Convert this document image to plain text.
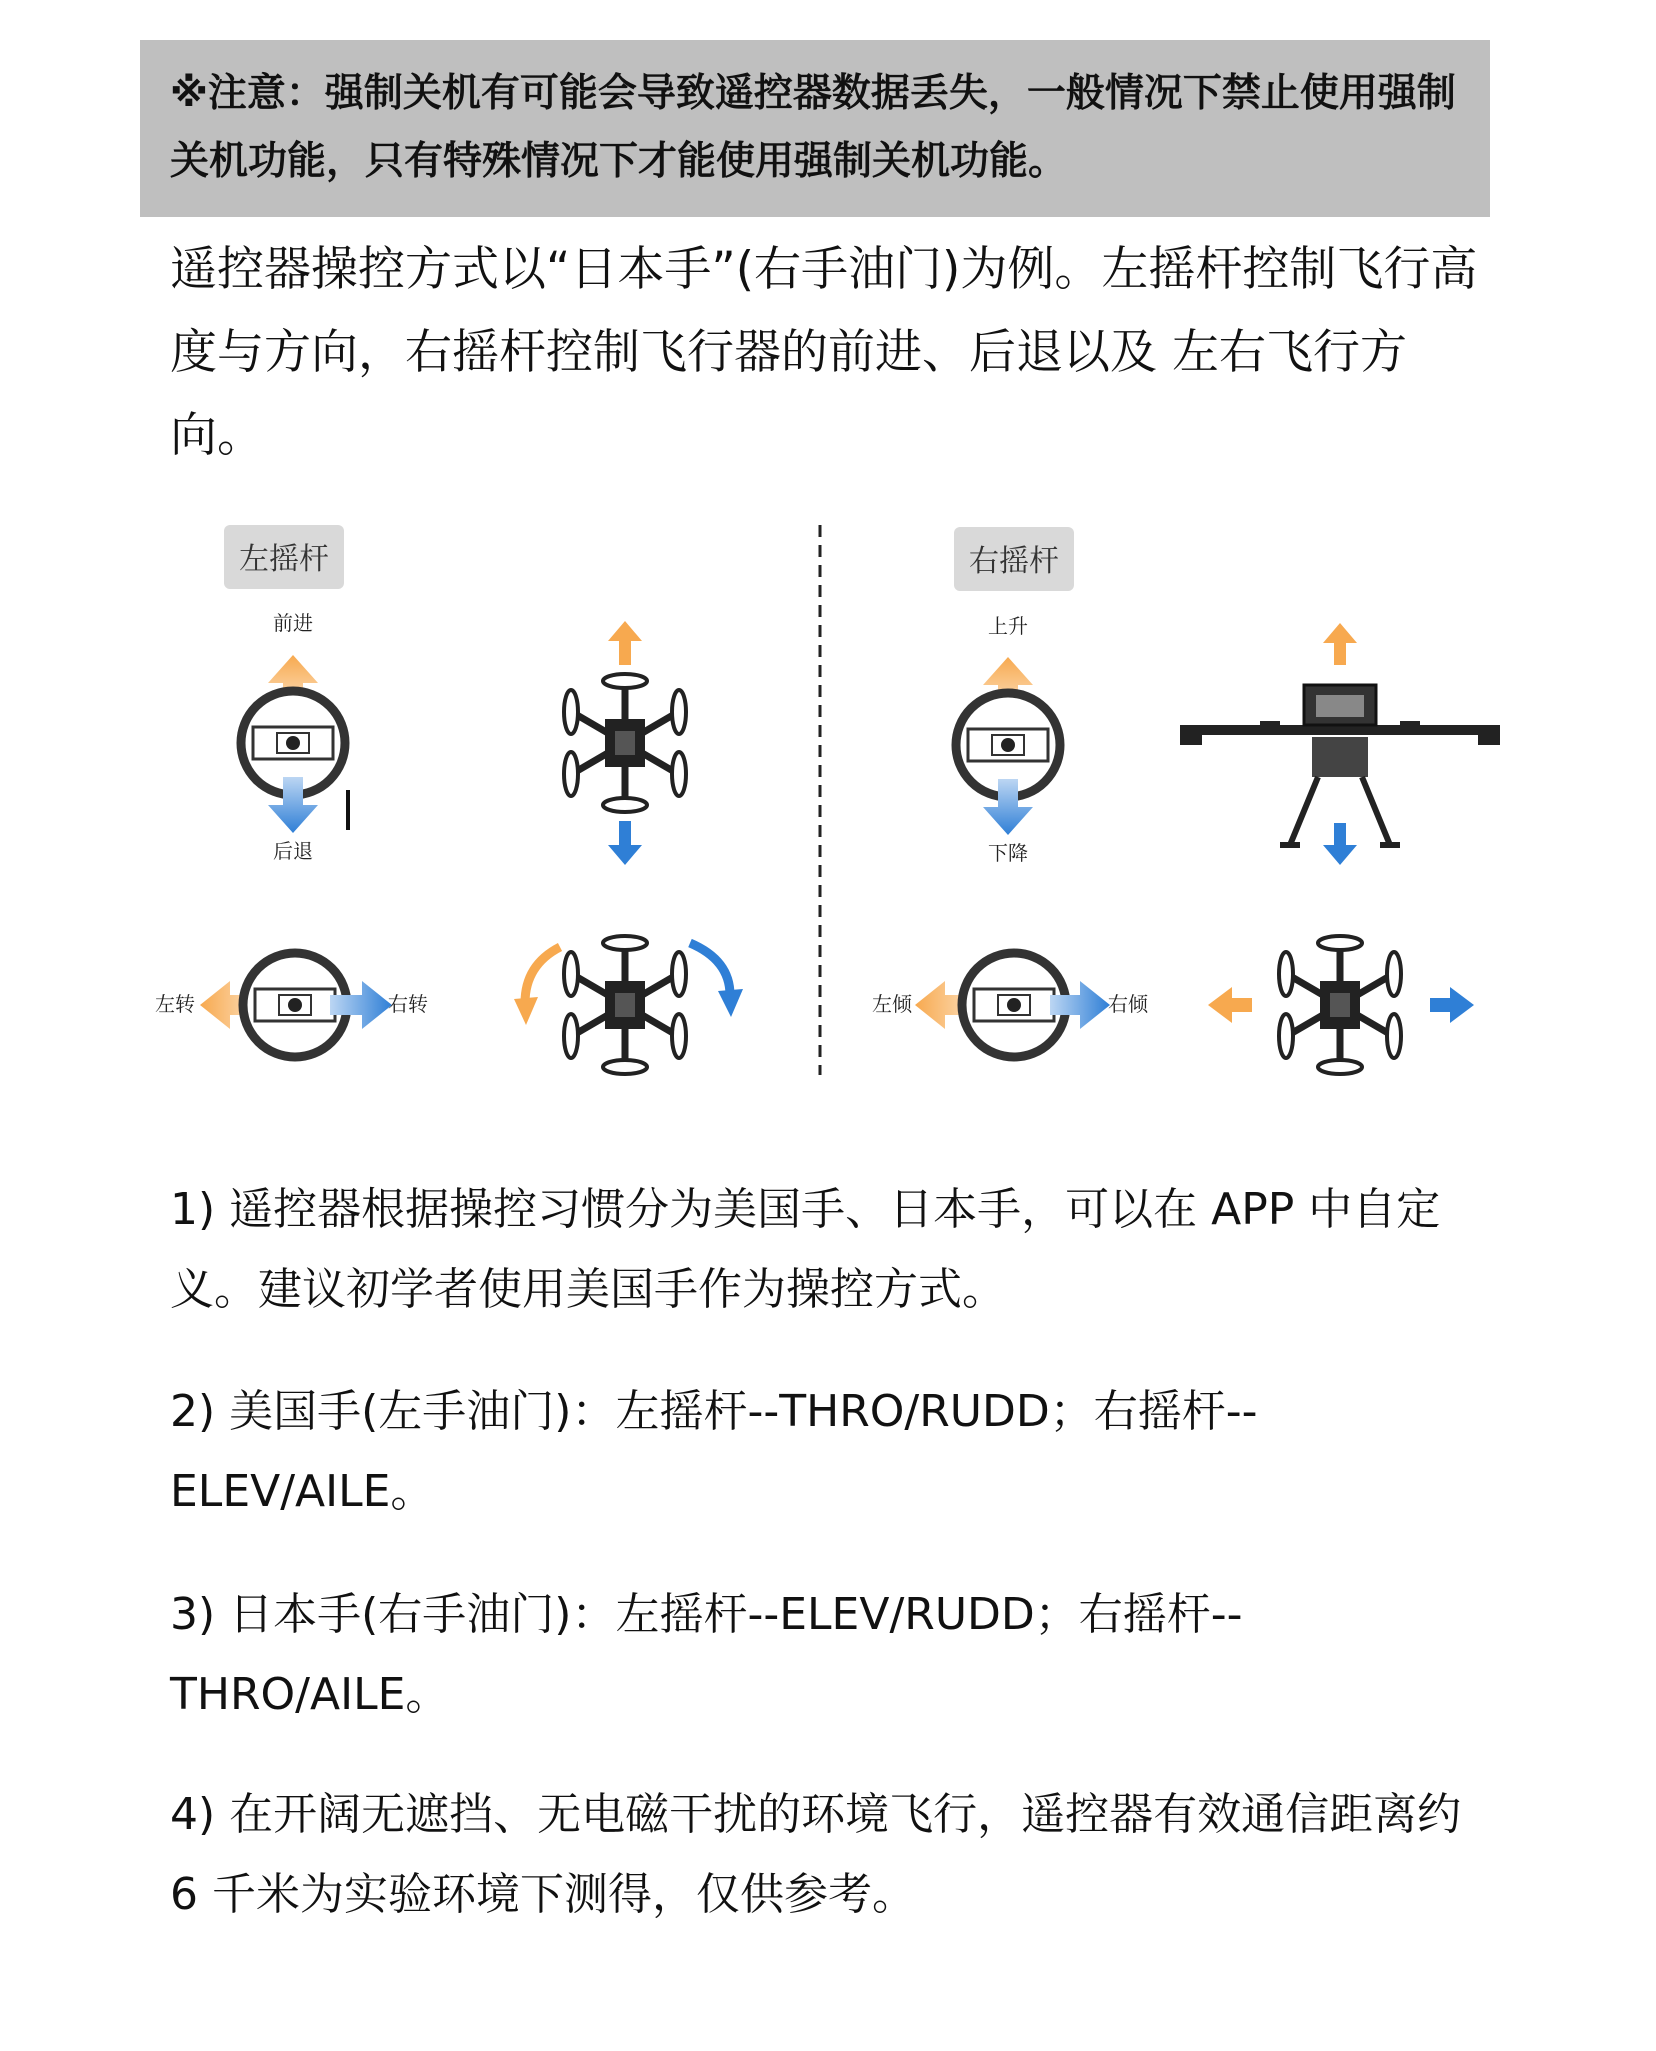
※注意：强制关机有可能会导致遥控器数据丢失，一般情况下禁止使用强制关机功能，只有特殊情况下才能使用强制关机功能。

遥控器操控方式以“日本手”(右手油门)为例。左摇杆控制飞行高度与方向，右摇杆控制飞行器的前进、后退以及 左右飞行方向。

左摇杆
前进
后退
左转	右转
右摇杆
上升
下降
左倾	右倾

1) 遥控器根据操控习惯分为美国手、日本手，可以在 APP 中自定义。建议初学者使用美国手作为操控方式。

2) 美国手(左手油门)：左摇杆--THRO/RUDD；右摇杆--ELEV/AILE。

3) 日本手(右手油门)：左摇杆--ELEV/RUDD；右摇杆--THRO/AILE。

4) 在开阔无遮挡、无电磁干扰的环境飞行，遥控器有效通信距离约 6 千米为实验环境下测得，仅供参考。
